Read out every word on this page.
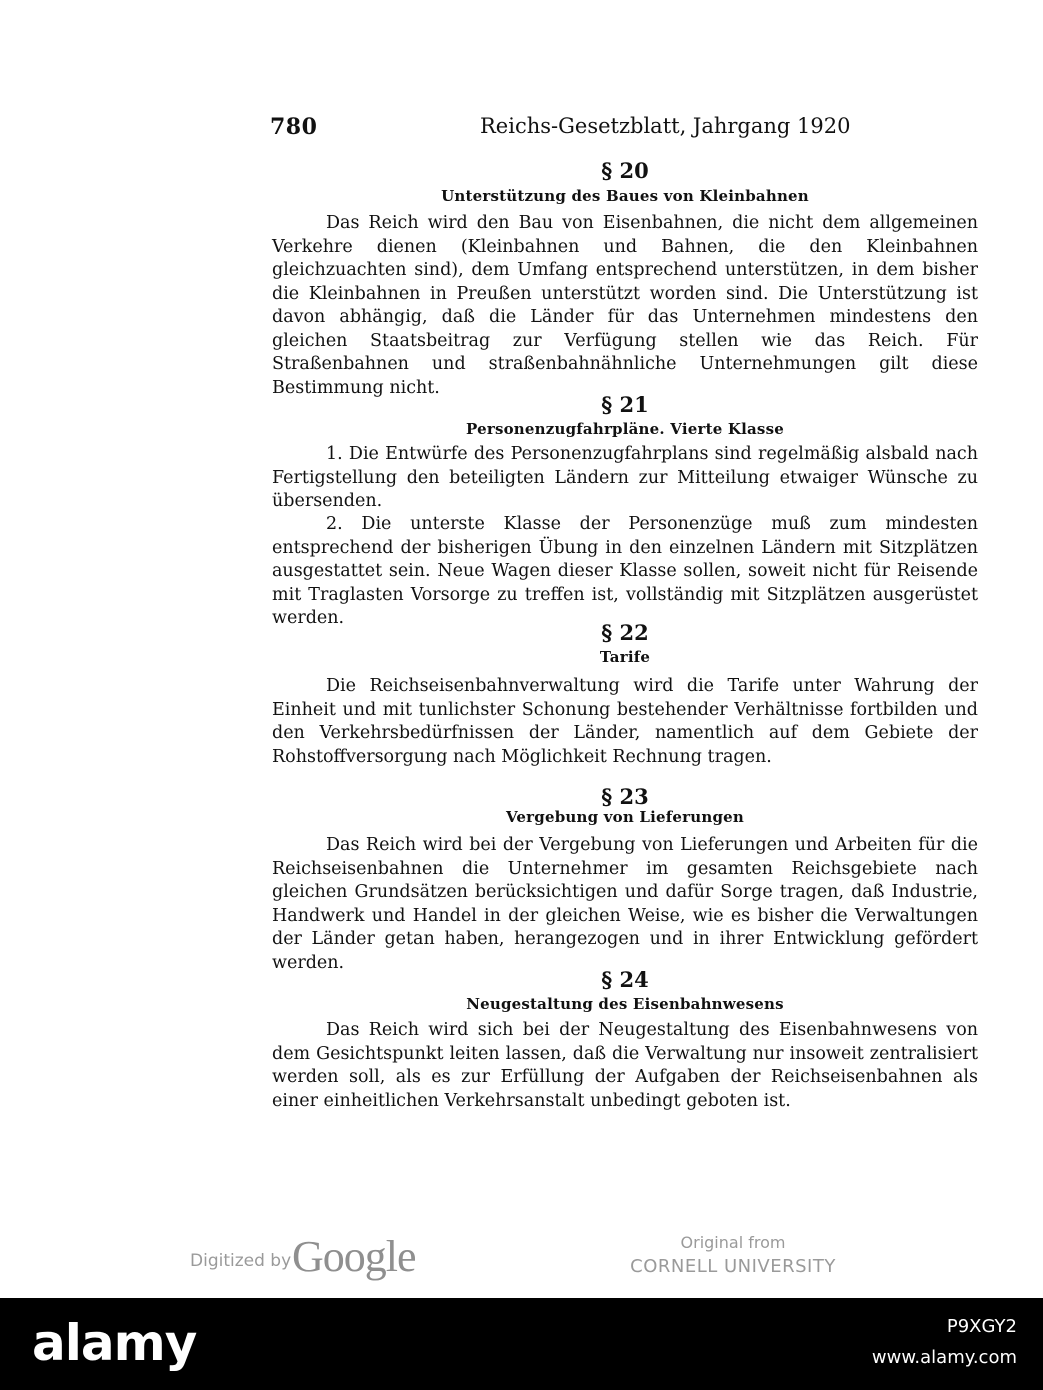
780	Reichs-Gesetzblatt, Jahrgang 1920
§ 20
Unterstützung des Baues von Kleinbahnen

Das Reich wird den Bau von Eisenbahnen, die nicht dem allgemeinen Verkehre dienen (Kleinbahnen und Bahnen, die den Kleinbahnen gleichzuachten sind), dem Umfang entsprechend unterstützen, in dem bisher die Kleinbahnen in Preußen unterstützt worden sind. Die Unterstützung ist davon abhängig, daß die Länder für das Unternehmen mindestens den gleichen Staatsbeitrag zur Verfügung stellen wie das Reich. Für Straßenbahnen und straßenbahnähnliche Unternehmungen gilt diese Bestimmung nicht.

§ 21
Personenzugfahrpläne. Vierte Klasse

1. Die Entwürfe des Personenzugfahrplans sind regelmäßig alsbald nach Fertigstellung den beteiligten Ländern zur Mitteilung etwaiger Wünsche zu übersenden.

2. Die unterste Klasse der Personenzüge muß zum mindesten entsprechend der bisherigen Übung in den einzelnen Ländern mit Sitzplätzen ausgestattet sein. Neue Wagen dieser Klasse sollen, soweit nicht für Reisende mit Traglasten Vorsorge zu treffen ist, vollständig mit Sitzplätzen ausgerüstet werden.

§ 22
Tarife

Die Reichseisenbahnverwaltung wird die Tarife unter Wahrung der Einheit und mit tunlichster Schonung bestehender Verhältnisse fortbilden und den Verkehrsbedürfnissen der Länder, namentlich auf dem Gebiete der Rohstoffversorgung nach Möglichkeit Rechnung tragen.

§ 23
Vergebung von Lieferungen

Das Reich wird bei der Vergebung von Lieferungen und Arbeiten für die Reichseisenbahnen die Unternehmer im gesamten Reichsgebiete nach gleichen Grundsätzen berücksichtigen und dafür Sorge tragen, daß Industrie, Handwerk und Handel in der gleichen Weise, wie es bisher die Verwaltungen der Länder getan haben, herangezogen und in ihrer Entwicklung gefördert werden.

§ 24
Neugestaltung des Eisenbahnwesens

Das Reich wird sich bei der Neugestaltung des Eisenbahnwesens von dem Gesichtspunkt leiten lassen, daß die Verwaltung nur insoweit zentralisiert werden soll, als es zur Erfüllung der Aufgaben der Reichseisenbahnen als einer einheitlichen Verkehrsanstalt unbedingt geboten ist.

Digitized by Google	Original from
CORNELL UNIVERSITY
alamy	P9XGY2
www.alamy.com
